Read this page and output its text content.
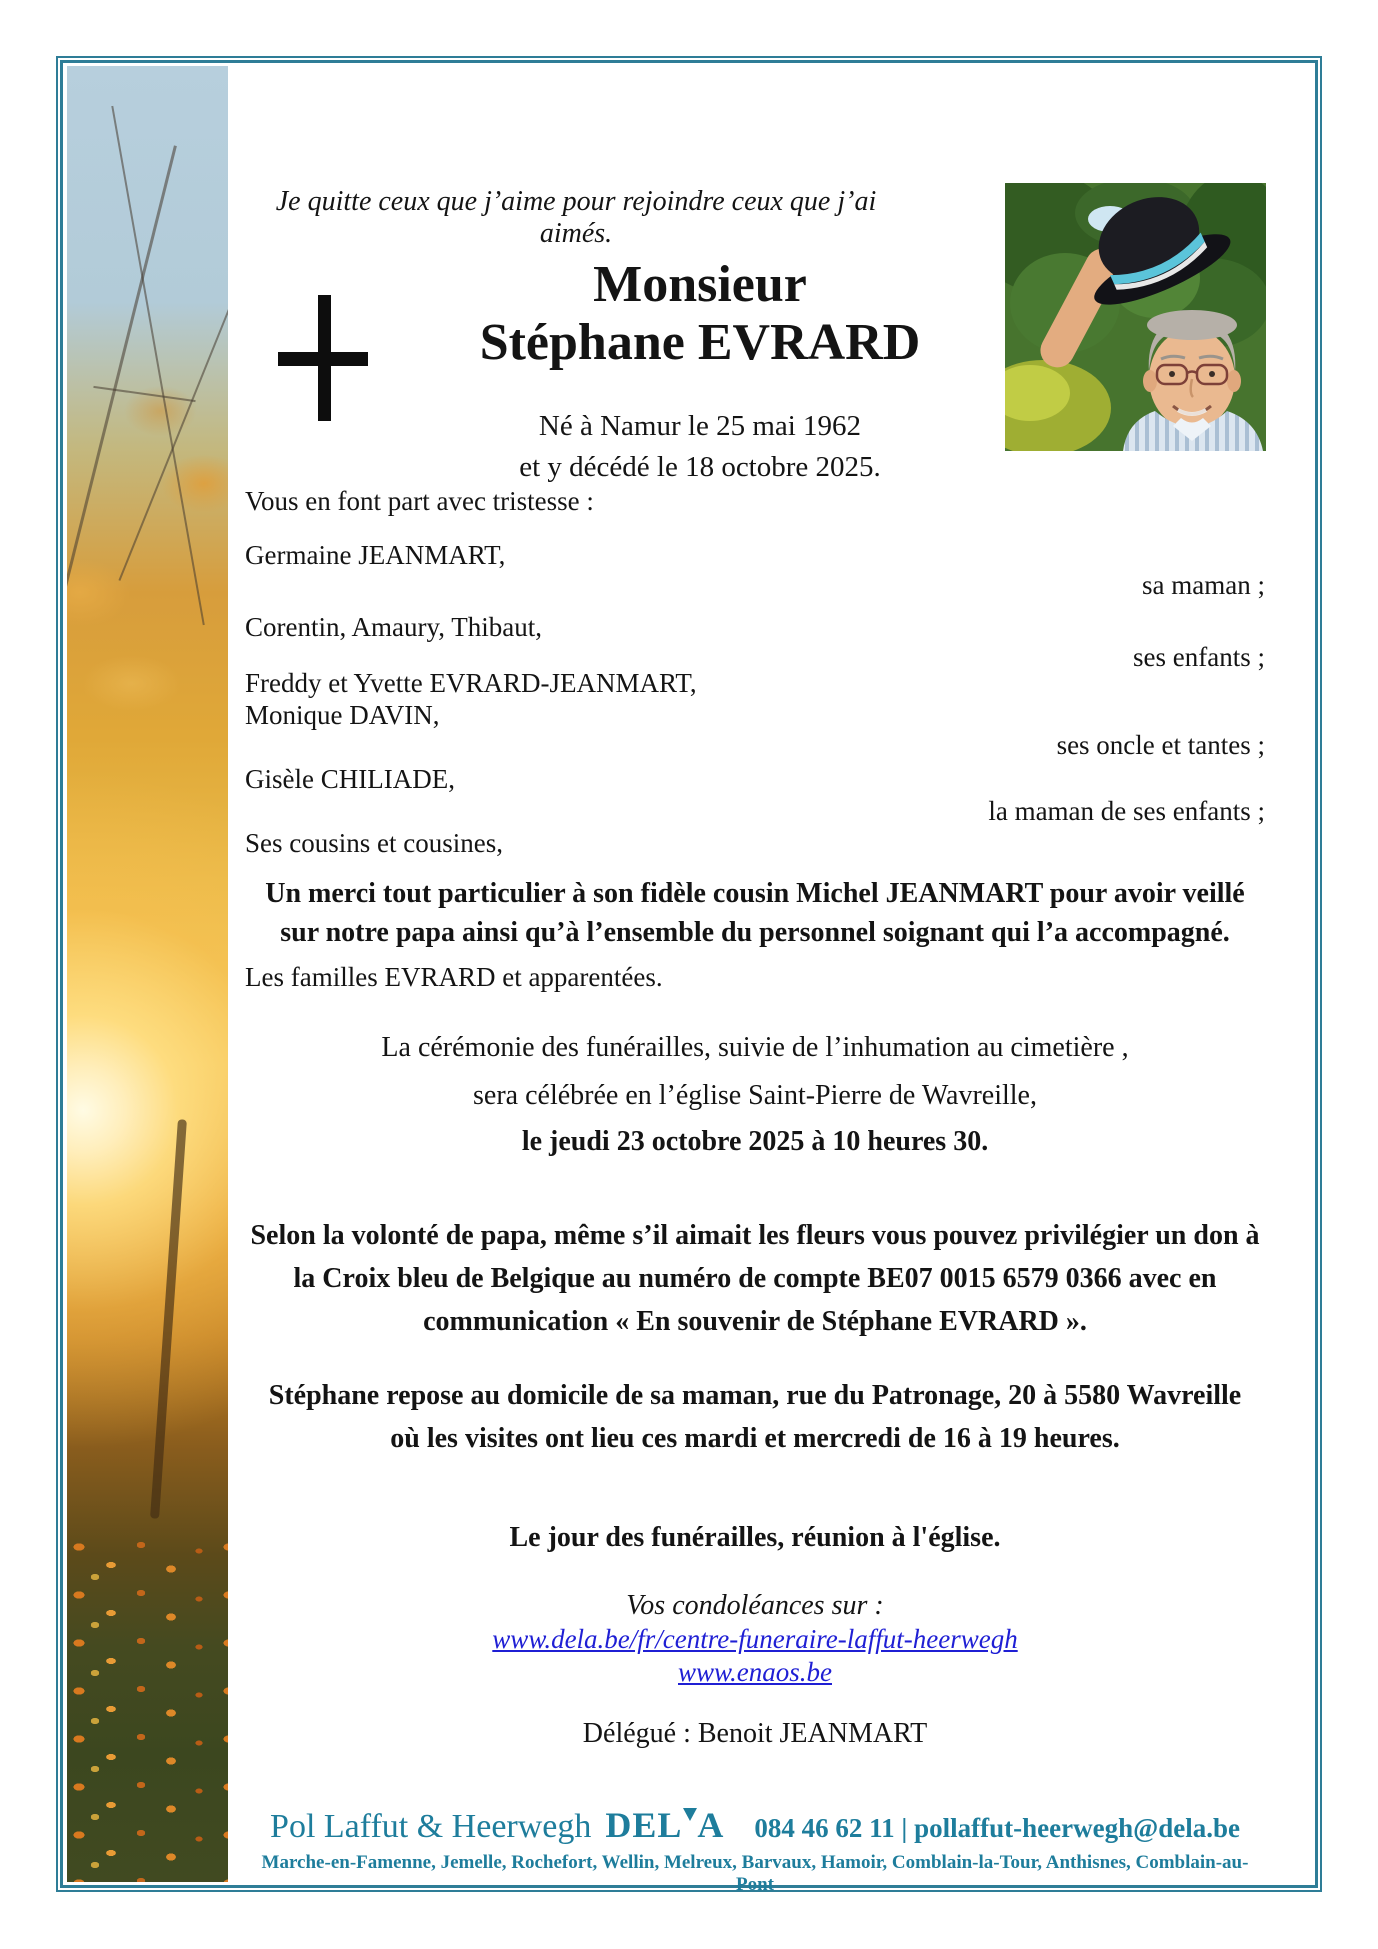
Je quitte ceux que j’aime pour rejoindre ceux que j’ai aimés.
Monsieur
Stéphane EVRARD
Né à Namur le 25 mai 1962
et y décédé le 18 octobre 2025.
Vous en font part avec tristesse :
Germaine JEANMART,
sa maman ;
Corentin, Amaury, Thibaut,
ses enfants ;
Freddy et Yvette EVRARD-JEANMART,
Monique DAVIN,
ses oncle et tantes ;
Gisèle CHILIADE,
la maman de ses enfants ;
Ses cousins et cousines,
Un merci tout particulier à son fidèle cousin Michel JEANMART pour avoir veillé
sur notre papa ainsi qu’à l’ensemble du personnel soignant qui l’a accompagné.
Les familles EVRARD et apparentées.
La cérémonie des funérailles, suivie de l’inhumation au cimetière ,
sera célébrée en l’église Saint-Pierre de Wavreille,
le jeudi 23 octobre 2025 à 10 heures 30.
Selon la volonté de papa, même s’il aimait les fleurs vous pouvez privilégier un don à
la Croix bleu de Belgique au numéro de compte BE07 0015 6579 0366 avec en
communication « En souvenir de Stéphane EVRARD ».
Stéphane repose au domicile de sa maman, rue du Patronage, 20 à 5580 Wavreille
où les visites ont lieu ces mardi et mercredi de 16 à 19 heures.
Le jour des funérailles, réunion à l'église.
Vos condoléances sur :
www.dela.be/fr/centre-funeraire-laffut-heerwegh
www.enaos.be
Délégué : Benoit JEANMART
Pol Laffut & Heerwegh DEL A 084 46 62 11 | pollaffut-heerwegh@dela.be
Marche-en-Famenne, Jemelle, Rochefort, Wellin, Melreux, Barvaux, Hamoir, Comblain-la-Tour, Anthisnes, Comblain-au-Pont
